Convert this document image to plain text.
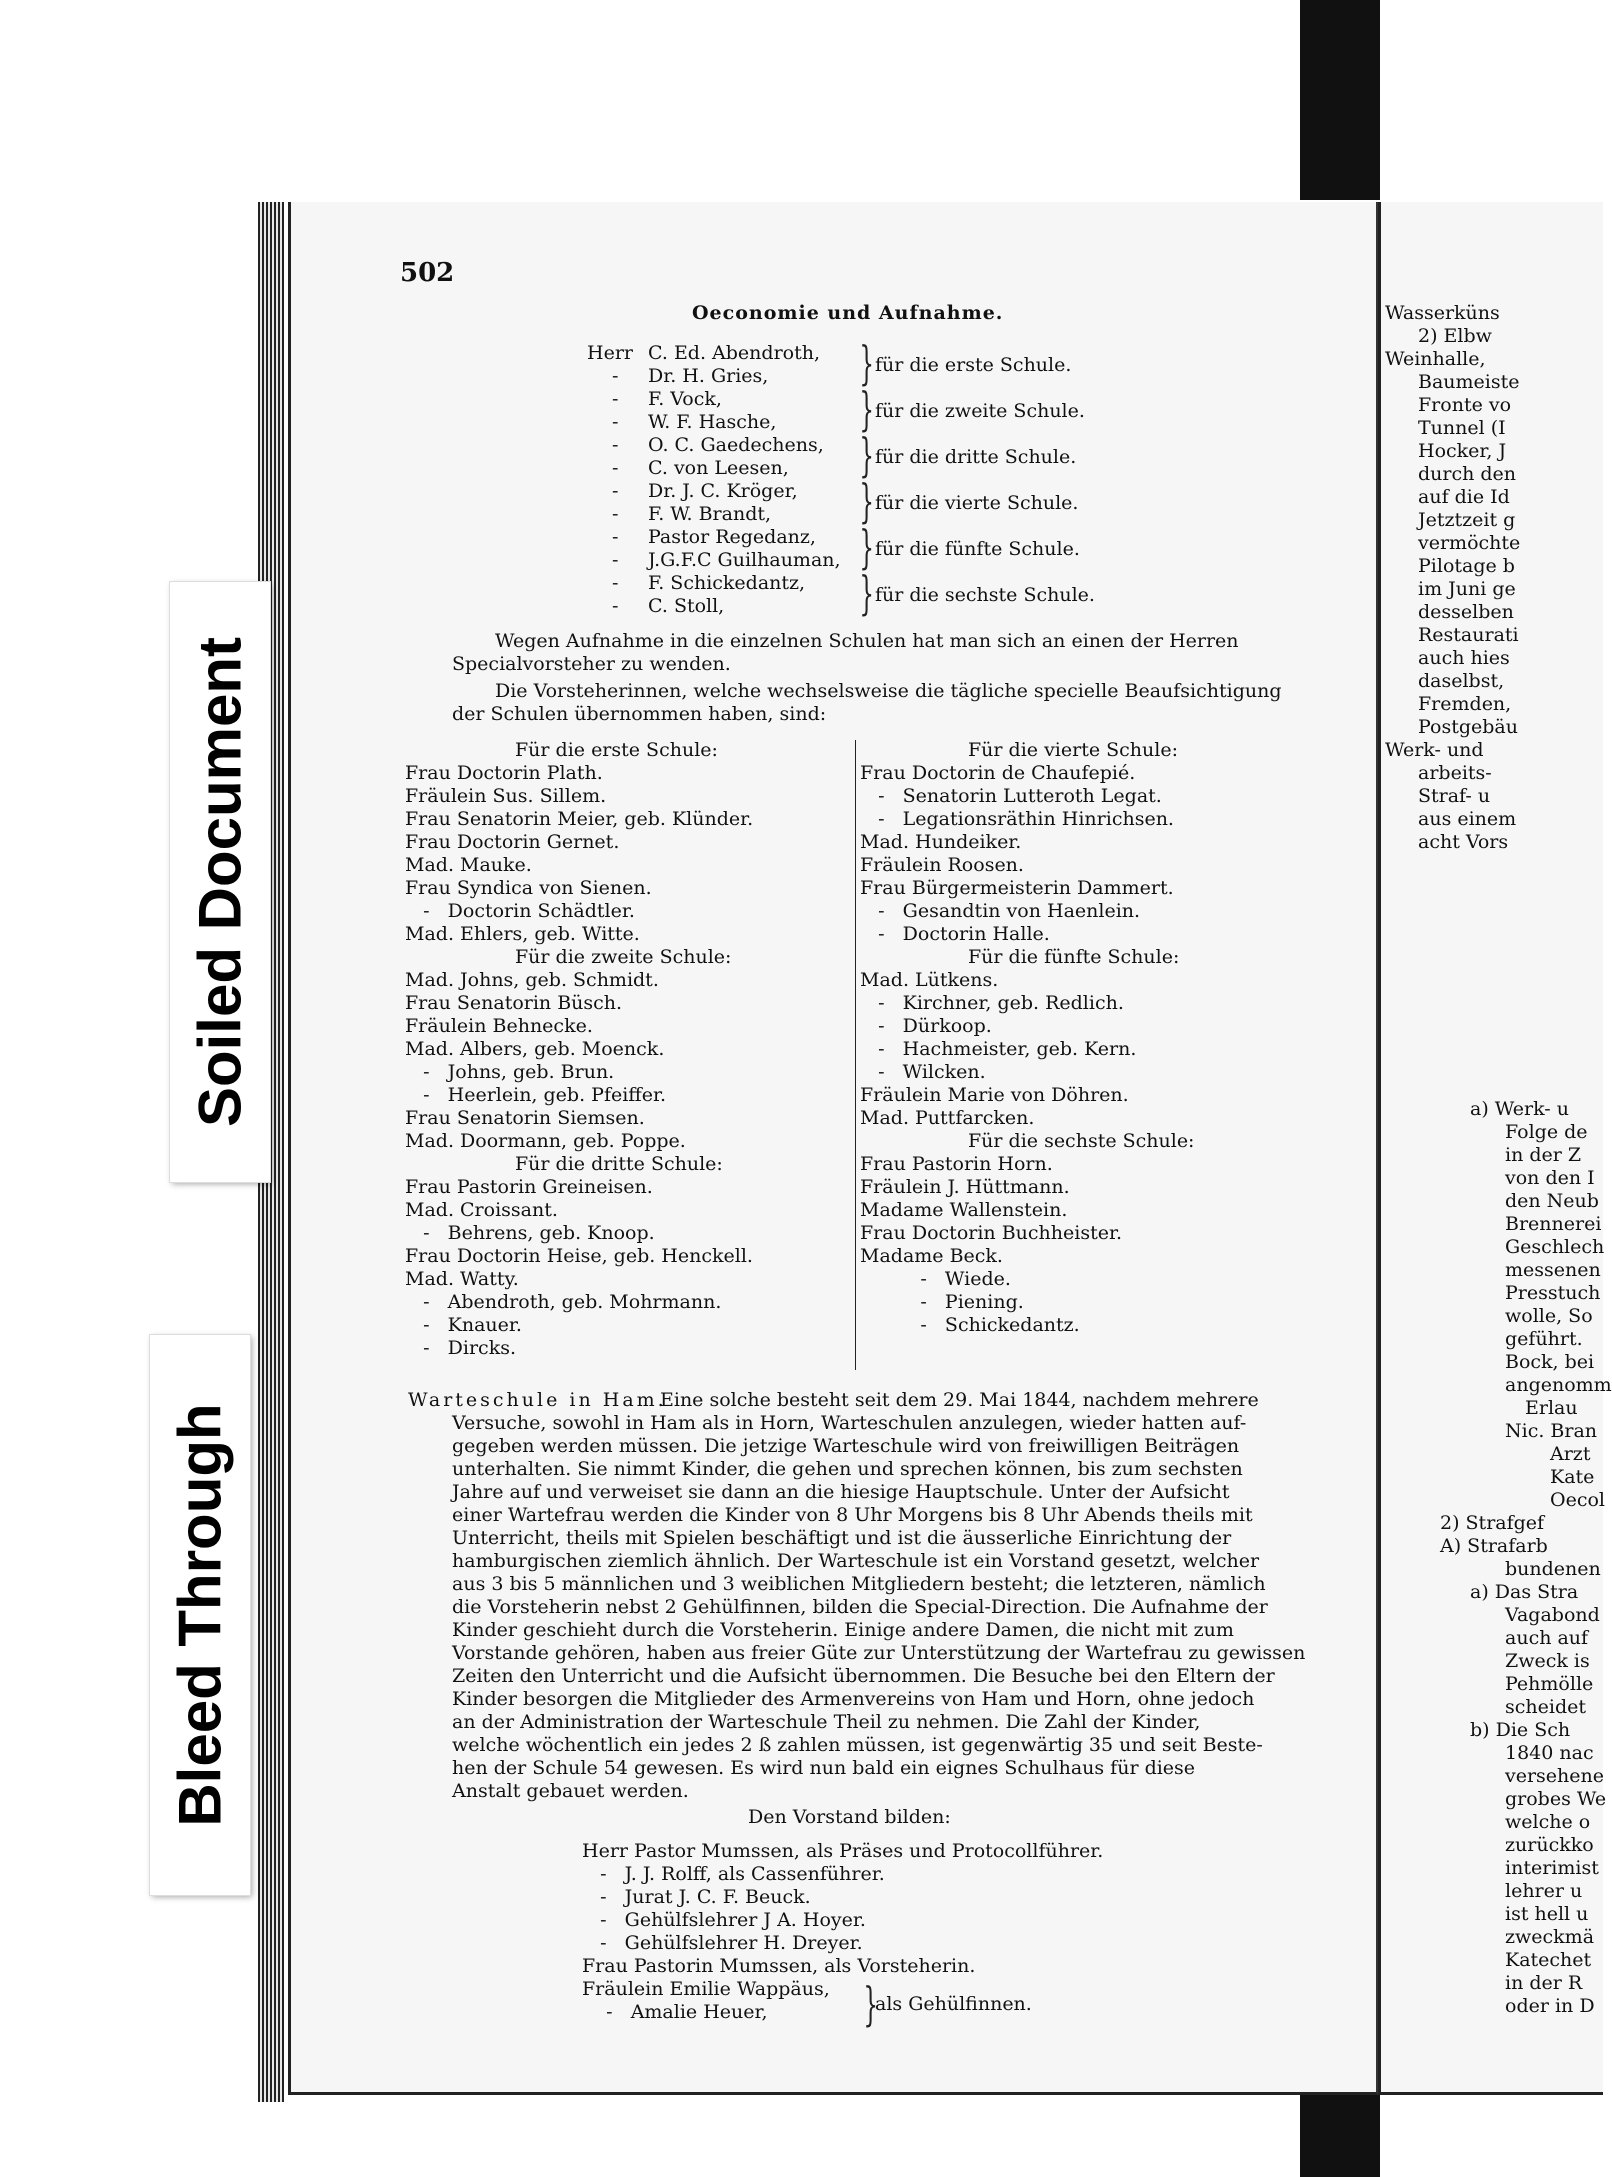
Soiled Document
Bleed Through
502
Oeconomie und Aufnahme.
Herr C. Ed. Abendroth,
- Dr. H. Gries,
- F. Vock,
- W. F. Hasche,
- O. C. Gaedechens,
- C. von Leesen,
- Dr. J. C. Kröger,
- F. W. Brandt,
- Pastor Regedanz,
- J.G.F.C Guilhauman,
- F. Schickedantz,
- C. Stoll,
} für die erste Schule.
} für die zweite Schule.
} für die dritte Schule.
} für die vierte Schule.
} für die fünfte Schule.
} für die sechste Schule.
Wegen Aufnahme in die einzelnen Schulen hat man sich an einen der Herren
Specialvorsteher zu wenden.
Die Vorsteherinnen, welche wechselsweise die tägliche specielle Beaufsichtigung
der Schulen übernommen haben, sind:
Für die erste Schule:
Frau Doctorin Plath.
Fräulein Sus. Sillem.
Frau Senatorin Meier, geb. Klünder.
Frau Doctorin Gernet.
Mad. Mauke.
Frau Syndica von Sienen.
-   Doctorin Schädtler.
Mad. Ehlers, geb. Witte.
Für die zweite Schule:
Mad. Johns, geb. Schmidt.
Frau Senatorin Büsch.
Fräulein Behnecke.
Mad. Albers, geb. Moenck.
-   Johns, geb. Brun.
-   Heerlein, geb. Pfeiffer.
Frau Senatorin Siemsen.
Mad. Doormann, geb. Poppe.
Für die dritte Schule:
Frau Pastorin Greineisen.
Mad. Croissant.
-   Behrens, geb. Knoop.
Frau Doctorin Heise, geb. Henckell.
Mad. Watty.
-   Abendroth, geb. Mohrmann.
-   Knauer.
-   Dircks.
Für die vierte Schule:
Frau Doctorin de Chaufepié.
-   Senatorin Lutteroth Legat.
-   Legationsräthin Hinrichsen.
Mad. Hundeiker.
Fräulein Roosen.
Frau Bürgermeisterin Dammert.
-   Gesandtin von Haenlein.
-   Doctorin Halle.
Für die fünfte Schule:
Mad. Lütkens.
-   Kirchner, geb. Redlich.
-   Dürkoop.
-   Hachmeister, geb. Kern.
-   Wilcken.
Fräulein Marie von Döhren.
Mad. Puttfarcken.
Für die sechste Schule:
Frau Pastorin Horn.
Fräulein J. Hüttmann.
Madame Wallenstein.
Frau Doctorin Buchheister.
Madame Beck.
-   Wiede.
-   Piening.
-   Schickedantz.
Warteschule in Ham.
Eine solche besteht seit dem 29. Mai 1844, nachdem mehrere
Versuche, sowohl in Ham als in Horn, Warteschulen anzulegen, wieder hatten auf-
gegeben werden müssen. Die jetzige Warteschule wird von freiwilligen Beiträgen
unterhalten. Sie nimmt Kinder, die gehen und sprechen können, bis zum sechsten
Jahre auf und verweiset sie dann an die hiesige Hauptschule. Unter der Aufsicht
einer Wartefrau werden die Kinder von 8 Uhr Morgens bis 8 Uhr Abends theils mit
Unterricht, theils mit Spielen beschäftigt und ist die äusserliche Einrichtung der
hamburgischen ziemlich ähnlich. Der Warteschule ist ein Vorstand gesetzt, welcher
aus 3 bis 5 männlichen und 3 weiblichen Mitgliedern besteht; die letzteren, nämlich
die Vorsteherin nebst 2 Gehülfinnen, bilden die Special-Direction. Die Aufnahme der
Kinder geschieht durch die Vorsteherin. Einige andere Damen, die nicht mit zum
Vorstande gehören, haben aus freier Güte zur Unterstützung der Wartefrau zu gewissen
Zeiten den Unterricht und die Aufsicht übernommen. Die Besuche bei den Eltern der
Kinder besorgen die Mitglieder des Armenvereins von Ham und Horn, ohne jedoch
an der Administration der Warteschule Theil zu nehmen. Die Zahl der Kinder,
welche wöchentlich ein jedes 2 ß zahlen müssen, ist gegenwärtig 35 und seit Beste-
hen der Schule 54 gewesen. Es wird nun bald ein eignes Schulhaus für diese
Anstalt gebauet werden.
Den Vorstand bilden:
Herr Pastor Mumssen, als Präses und Protocollführer.
-   J. J. Rolff, als Cassenführer.
-   Jurat J. C. F. Beuck.
-   Gehülfslehrer J A. Hoyer.
-   Gehülfslehrer H. Dreyer.
Frau Pastorin Mumssen, als Vorsteherin.
Fräulein Emilie Wappäus,
-   Amalie Heuer, }
als Gehülfinnen.
Wasserküns
2) Elbw
Weinhalle,
Baumeiste
Fronte vo
Tunnel (I
Hocker, J
durch den
auf die Id
Jetztzeit g
vermöchte
Pilotage b
im Juni ge
desselben
Restaurati
auch hies
daselbst,
Fremden,
Postgebäu
Werk- und
arbeits-
Straf- u
aus einem
acht Vors
a) Werk- u
Folge de
in der Z
von den I
den Neub
Brennerei
Geschlech
messenen
Presstuch
wolle, So
geführt.
Bock, bei
angenomm
Erlau
Nic. Bran
Arzt
Kate
Oecol
2) Strafgef
A) Strafarb
bundenen
a) Das Stra
Vagabond
auch auf
Zweck is
Pehmölle
scheidet
b) Die Sch
1840 nac
versehene
grobes We
welche o
zurückko
interimist
lehrer u
ist hell u
zweckmä
Katechet
in der R
oder in D
